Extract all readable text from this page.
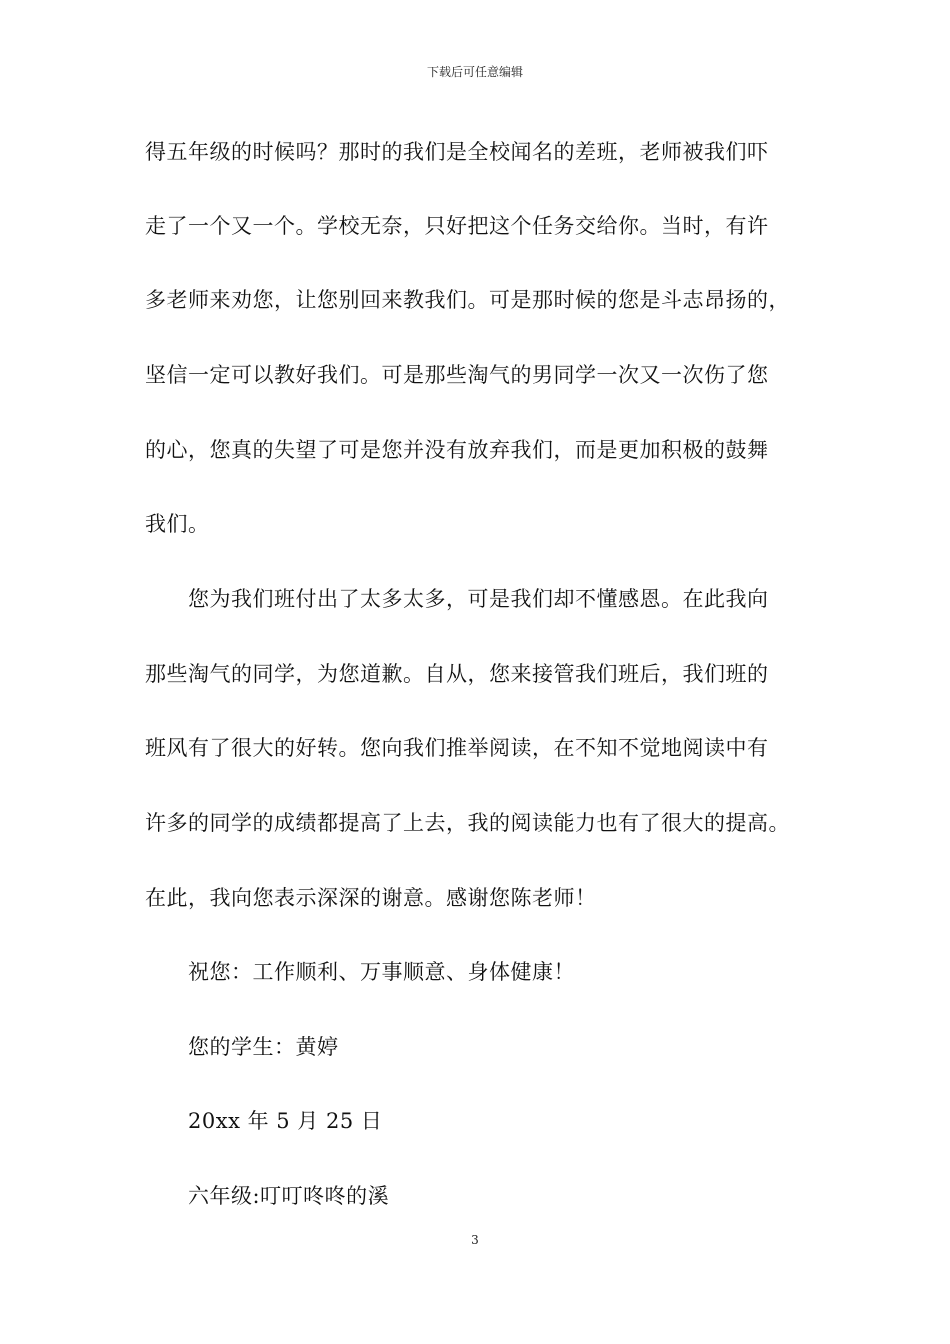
下载后可任意编辑
得五年级的时候吗？那时的我们是全校闻名的差班，老师被我们吓
走了一个又一个。学校无奈，只好把这个任务交给你。当时，有许
多老师来劝您，让您别回来教我们。可是那时候的您是斗志昂扬的，
坚信一定可以教好我们。可是那些淘气的男同学一次又一次伤了您
的心，您真的失望了可是您并没有放弃我们，而是更加积极的鼓舞
我们。
您为我们班付出了太多太多，可是我们却不懂感恩。在此我向
那些淘气的同学，为您道歉。自从，您来接管我们班后，我们班的
班风有了很大的好转。您向我们推举阅读，在不知不觉地阅读中有
许多的同学的成绩都提高了上去，我的阅读能力也有了很大的提高。
在此，我向您表示深深的谢意。感谢您陈老师！
祝您：工作顺利、万事顺意、身体健康！
您的学生：黄婷
20xx 年 5 月 25 日
六年级:叮叮咚咚的溪
3
